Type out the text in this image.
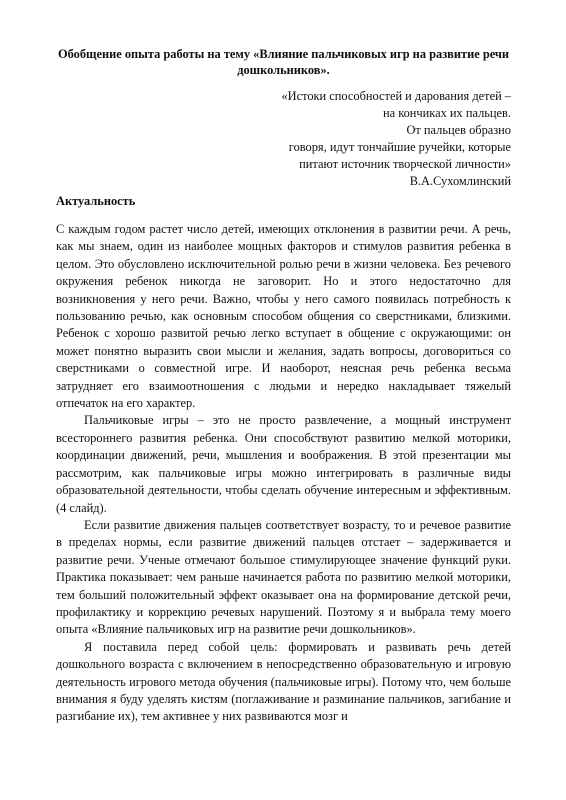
Обобщение опыта работы на тему «Влияние пальчиковых игр на развитие речи дошкольников».
«Истоки способностей и дарования детей –
на кончиках их пальцев.
От пальцев образно
говоря, идут тончайшие ручейки, которые
питают источник творческой личности»
В.А.Сухомлинский
Актуальность

С каждым годом растет число детей, имеющих отклонения в развитии речи. А речь, как мы знаем, один из наиболее мощных факторов и стимулов развития ребенка в целом. Это обусловлено исключительной ролью речи в жизни человека. Без речевого окружения ребенок никогда не заговорит. Но и этого недостаточно для возникновения у него речи. Важно, чтобы у него самого появилась потребность к пользованию речью, как основным способом общения со сверстниками, близкими. Ребенок с хорошо развитой речью легко вступает в общение с окружающими: он может понятно выразить свои мысли и желания, задать вопросы, договориться со сверстниками о совместной игре. И наоборот, неясная речь ребенка весьма затрудняет его взаимоотношения с людьми и нередко накладывает тяжелый отпечаток на его характер.

Пальчиковые игры – это не просто развлечение, а мощный инструмент всестороннего развития ребенка. Они способствуют развитию мелкой моторики, координации движений, речи, мышления и воображения. В этой презентации мы рассмотрим, как пальчиковые игры можно интегрировать в различные виды образовательной деятельности, чтобы сделать обучение интересным и эффективным. (4 слайд).

Если развитие движения пальцев соответствует возрасту, то и речевое развитие в пределах нормы, если развитие движений пальцев отстает – задерживается и развитие речи. Ученые отмечают большое стимулирующее значение функций руки. Практика показывает: чем раньше начинается работа по развитию мелкой моторики, тем больший положительный эффект оказывает она на формирование детской речи, профилактику и коррекцию речевых нарушений. Поэтому я и выбрала тему моего опыта «Влияние пальчиковых игр на развитие речи дошкольников».

Я поставила перед собой цель: формировать и развивать речь детей дошкольного возраста с включением в непосредственно образовательную и игровую деятельность игрового метода обучения (пальчиковые игры). Потому что, чем больше внимания я буду уделять кистям (поглаживание и разминание пальчиков, загибание и разгибание их), тем активнее у них развиваются мозг и
